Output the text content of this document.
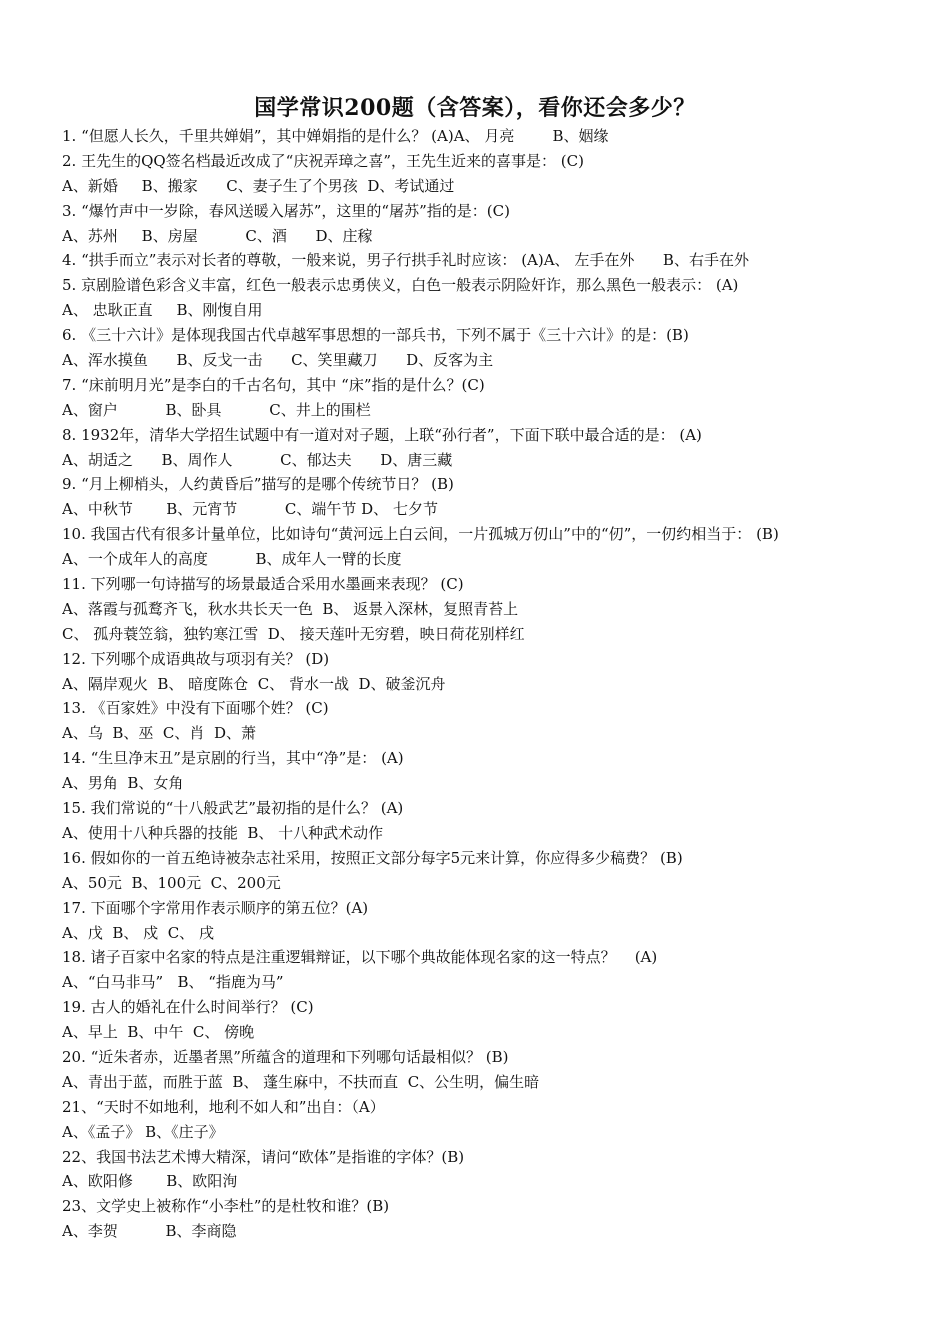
国学常识200题（含答案），看你还会多少？
1. “但愿人长久，千里共婵娟”，其中婵娟指的是什么？ (A)A、 月亮        B、姻缘
2. 王先生的QQ签名档最近改成了“庆祝弄璋之喜”，王先生近来的喜事是： (C)
A、新婚     B、搬家      C、妻子生了个男孩  D、考试通过
3. “爆竹声中一岁除，春风送暖入屠苏”，这里的“屠苏”指的是：(C)
A、苏州     B、房屋          C、酒      D、庄稼
4. “拱手而立”表示对长者的尊敬，一般来说，男子行拱手礼时应该： (A)A、 左手在外      B、右手在外
5. 京剧脸谱色彩含义丰富，红色一般表示忠勇侠义，白色一般表示阴险奸诈，那么黑色一般表示： (A)
A、 忠耿正直     B、刚愎自用
6. 《三十六计》是体现我国古代卓越军事思想的一部兵书，下列不属于《三十六计》的是：(B)
A、浑水摸鱼      B、反戈一击      C、笑里藏刀      D、反客为主
7. “床前明月光”是李白的千古名句，其中 “床”指的是什么？(C)
A、窗户          B、卧具          C、井上的围栏
8. 1932年，清华大学招生试题中有一道对对子题，上联“孙行者”，下面下联中最合适的是： (A)
A、胡适之      B、周作人          C、郁达夫      D、唐三藏
9. “月上柳梢头，人约黄昏后”描写的是哪个传统节日？ (B)
A、中秋节       B、元宵节          C、端午节 D、 七夕节
10. 我国古代有很多计量单位，比如诗句“黄河远上白云间，一片孤城万仞山”中的“仞”，一仞约相当于： (B)
A、一个成年人的高度          B、成年人一臂的长度
11. 下列哪一句诗描写的场景最适合采用水墨画来表现？ (C)
A、落霞与孤鹜齐飞，秋水共长天一色  B、 返景入深林，复照青苔上
C、 孤舟蓑笠翁，独钓寒江雪  D、 接天莲叶无穷碧，映日荷花别样红
12. 下列哪个成语典故与项羽有关？ (D)
A、隔岸观火  B、 暗度陈仓  C、 背水一战  D、破釜沉舟
13. 《百家姓》中没有下面哪个姓？ (C)
A、乌  B、巫  C、肖  D、萧
14. “生旦净末丑”是京剧的行当，其中“净”是： (A)
A、男角  B、女角
15. 我们常说的“十八般武艺”最初指的是什么？ (A)
A、使用十八种兵器的技能  B、 十八种武术动作
16. 假如你的一首五绝诗被杂志社采用，按照正文部分每字5元来计算，你应得多少稿费？ (B)
A、50元  B、100元  C、200元
17. 下面哪个字常用作表示顺序的第五位？(A)
A、戊  B、 戍  C、 戌
18. 诸子百家中名家的特点是注重逻辑辩证，以下哪个典故能体现名家的这一特点？    (A)
A、“白马非马”   B、 “指鹿为马”
19. 古人的婚礼在什么时间举行？ (C)
A、早上  B、中午  C、 傍晚
20. “近朱者赤，近墨者黑”所蕴含的道理和下列哪句话最相似？ (B)
A、青出于蓝，而胜于蓝  B、 蓬生麻中，不扶而直  C、公生明，偏生暗
21、“天时不如地利，地利不如人和”出自：（A）
A、《孟子》 B、《庄子》
22、我国书法艺术博大精深，请问“欧体”是指谁的字体？(B)
A、欧阳修       B、欧阳洵
23、文学史上被称作“小李杜”的是杜牧和谁？(B)
A、李贺          B、李商隐
